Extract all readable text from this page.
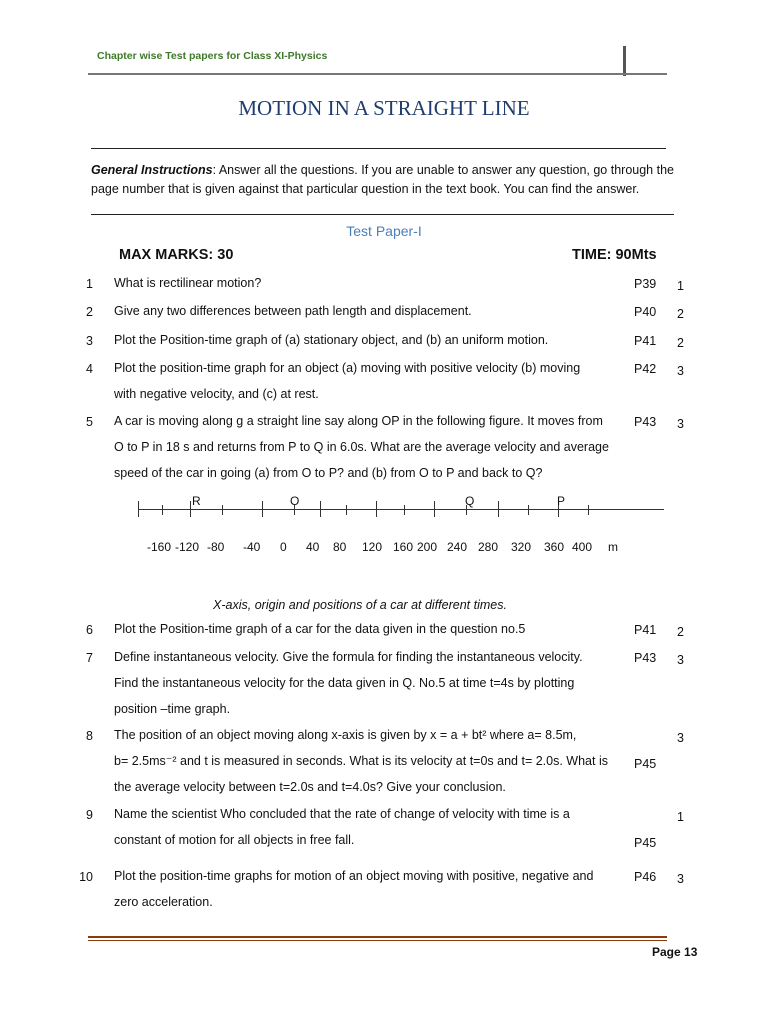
Chapter wise Test papers for Class XI-Physics
MOTION IN A STRAIGHT LINE
General Instructions: Answer all the questions. If you are unable to answer any question, go through the page number that is given against that particular question in the text book. You can find the answer.
Test Paper-I
MAX MARKS: 30	TIME: 90Mts
1 What is rectilinear motion?	P39 1
2 Give any two differences between path length and displacement.	P40 2
3 Plot the Position-time graph of (a) stationary object, and (b) an uniform motion.	P41 2
4 Plot the position-time graph for an object (a) moving with positive velocity (b) moving
with negative velocity, and (c) at rest.
P42 3
5 A car is moving along g a straight line say along OP in the following figure. It moves from
O to P in 18 s and returns from P to Q in 6.0s. What are the average velocity and average
speed of the car in going (a) from O to P? and (b) from O to P and back to Q?
P43 3
6 Plot the Position-time graph of a car for the data given in the question no.5	P41 2
7 Define instantaneous velocity. Give the formula for finding the instantaneous velocity.
Find the instantaneous velocity for the data given in Q. No.5 at time t=4s by plotting
position –time graph.
P43 3
8 The position of an object moving along x-axis is given by x = a + bt² where a= 8.5m,
b= 2.5ms⁻² and t is measured in seconds. What is its velocity at t=0s and t= 2.0s. What is
the average velocity between t=2.0s and t=4.0s? Give your conclusion.
P45
3
9 Name the scientist Who concluded that the rate of change of velocity with time is a
constant of motion for all objects in free fall.	P45
1
10 Plot the position-time graphs for motion of an object moving with positive, negative and
zero acceleration.
P46 3
R	O	Q	P
-160 -120 -80 -40 0 40 80 120 160 200 240 280 320 360 400 m
X-axis, origin and positions of a car at different times.
Page 13
